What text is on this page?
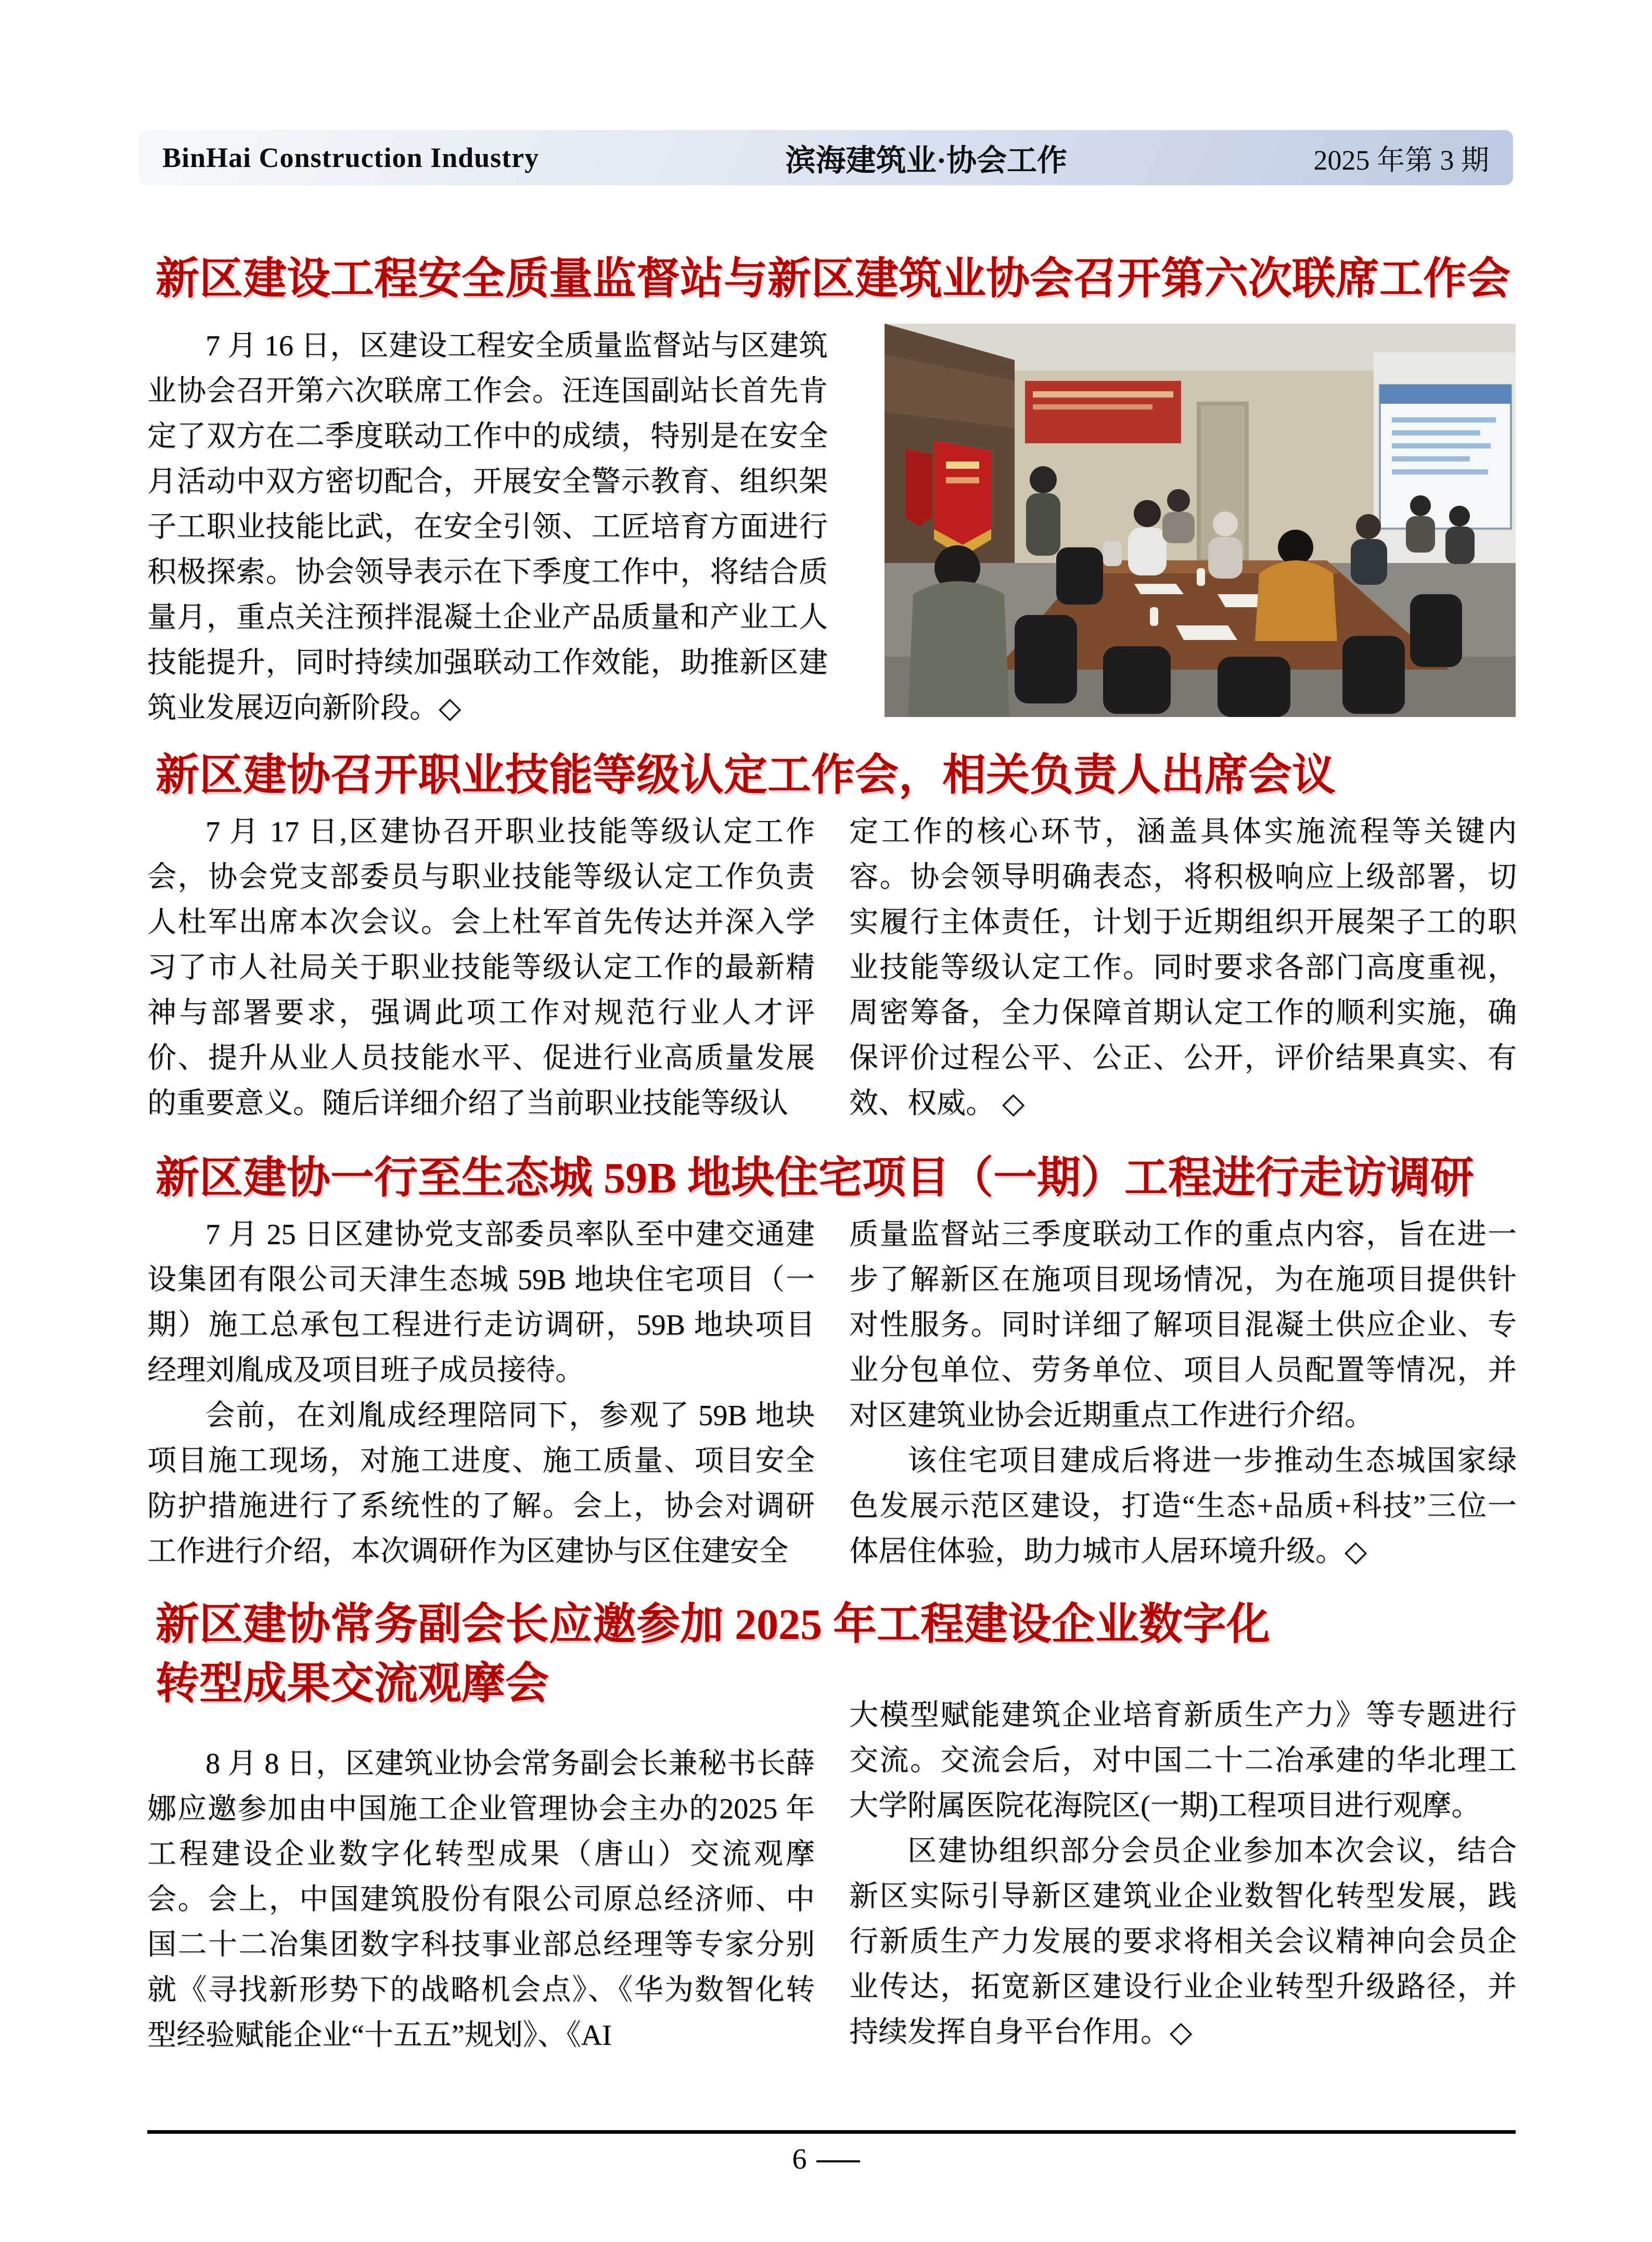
BinHai Construction Industry	滨海建筑业·协会工作	2025 年第 3 期
新区建设工程安全质量监督站与新区建筑业协会召开第六次联席工作会
7 月 16 日，区建设工程安全质量监督站与区建筑业协会召开第六次联席工作会。汪连国副站长首先肯定了双方在二季度联动工作中的成绩，特别是在安全月活动中双方密切配合，开展安全警示教育、组织架子工职业技能比武，在安全引领、工匠培育方面进行积极探索。协会领导表示在下季度工作中，将结合质量月，重点关注预拌混凝土企业产品质量和产业工人技能提升，同时持续加强联动工作效能，助推新区建筑业发展迈向新阶段。◇
新区建协召开职业技能等级认定工作会，相关负责人出席会议
7 月 17 日,区建协召开职业技能等级认定工作会，协会党支部委员与职业技能等级认定工作负责人杜军出席本次会议。会上杜军首先传达并深入学习了市人社局关于职业技能等级认定工作的最新精神与部署要求，强调此项工作对规范行业人才评价、提升从业人员技能水平、促进行业高质量发展的重要意义。随后详细介绍了当前职业技能等级认
定工作的核心环节，涵盖具体实施流程等关键内容。协会领导明确表态，将积极响应上级部署，切实履行主体责任，计划于近期组织开展架子工的职业技能等级认定工作。同时要求各部门高度重视，周密筹备，全力保障首期认定工作的顺利实施，确保评价过程公平、公正、公开，评价结果真实、有效、权威。 ◇
新区建协一行至生态城 59B 地块住宅项目（一期）工程进行走访调研

7 月 25 日区建协党支部委员率队至中建交通建设集团有限公司天津生态城 59B 地块住宅项目（一期）施工总承包工程进行走访调研，59B 地块项目经理刘胤成及项目班子成员接待。

会前，在刘胤成经理陪同下，参观了 59B 地块项目施工现场，对施工进度、施工质量、项目安全防护措施进行了系统性的了解。会上，协会对调研工作进行介绍，本次调研作为区建协与区住建安全

质量监督站三季度联动工作的重点内容，旨在进一步了解新区在施项目现场情况，为在施项目提供针对性服务。同时详细了解项目混凝土供应企业、专业分包单位、劳务单位、项目人员配置等情况，并对区建筑业协会近期重点工作进行介绍。

该住宅项目建成后将进一步推动生态城国家绿色发展示范区建设，打造“生态+品质+科技”三位一体居住体验，助力城市人居环境升级。◇

新区建协常务副会长应邀参加 2025 年工程建设企业数字化
转型成果交流观摩会

8 月 8 日，区建筑业协会常务副会长兼秘书长薛娜应邀参加由中国施工企业管理协会主办的2025 年工程建设企业数字化转型成果（唐山）交流观摩会。会上，中国建筑股份有限公司原总经济师、中国二十二冶集团数字科技事业部总经理等专家分别就《寻找新形势下的战略机会点》、《华为数智化转型经验赋能企业“十五五”规划》、《AI

大模型赋能建筑企业培育新质生产力》等专题进行交流。交流会后，对中国二十二冶承建的华北理工大学附属医院花海院区(一期)工程项目进行观摩。

区建协组织部分会员企业参加本次会议，结合新区实际引导新区建筑业企业数智化转型发展，践行新质生产力发展的要求将相关会议精神向会员企业传达，拓宽新区建设行业企业转型升级路径，并持续发挥自身平台作用。◇

6
